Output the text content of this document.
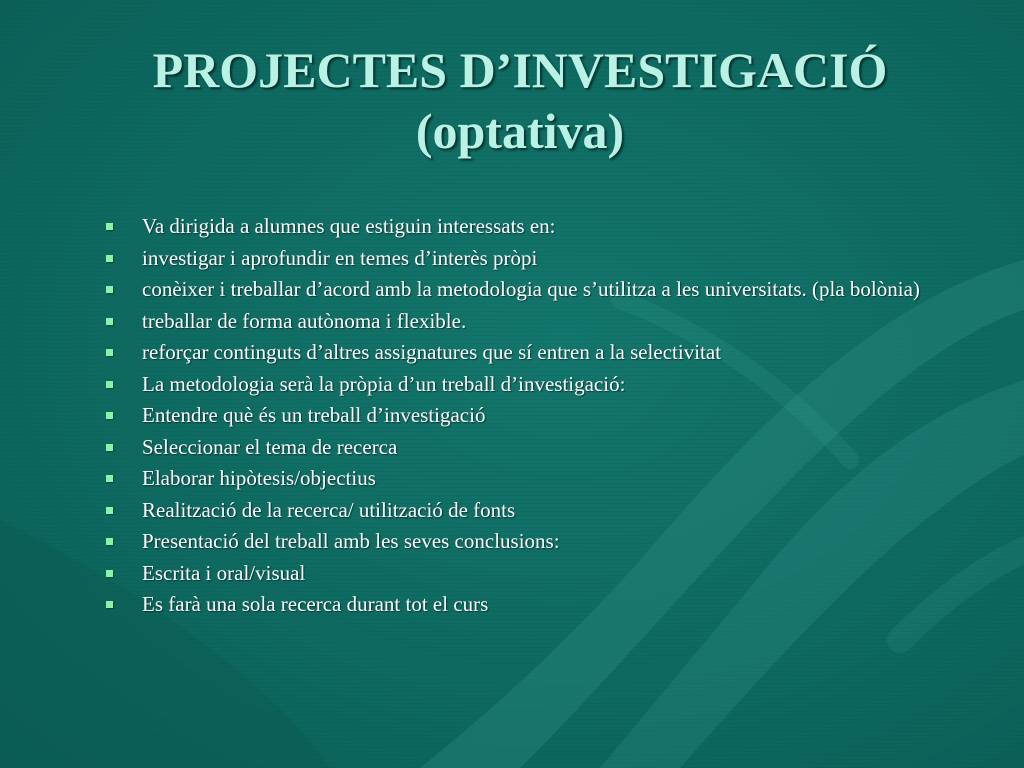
PROJECTES D’INVESTIGACIÓ
(optativa)
Va dirigida a alumnes que estiguin interessats en:
investigar i aprofundir en temes d’interès pròpi
conèixer i treballar d’acord amb la metodologia que s’utilitza a les universitats. (pla bolònia)
treballar de forma autònoma i flexible.
reforçar continguts d’altres assignatures que sí entren a la selectivitat
La metodologia serà la pròpia d’un treball d’investigació:
Entendre què és un treball d’investigació
Seleccionar el tema de recerca
Elaborar hipòtesis/objectius
Realització de la recerca/ utilització de fonts
Presentació del treball amb les seves conclusions:
Escrita i oral/visual
Es farà una sola recerca durant tot el curs
